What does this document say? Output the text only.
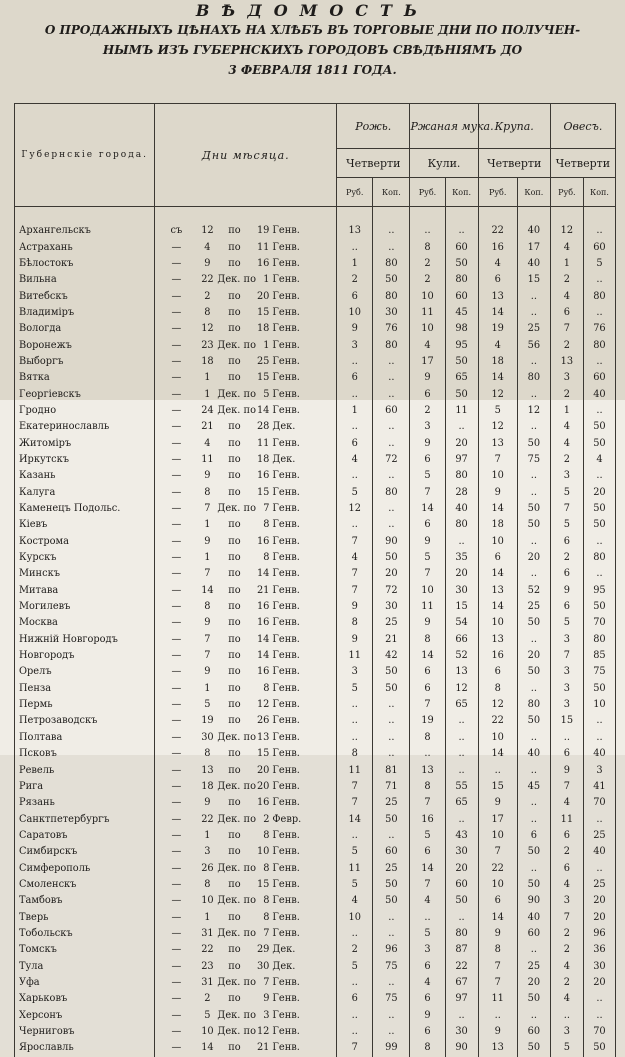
ВѢДОМОСТЬ
О ПРОДАЖНЫХЪ ЦѢНАХЪ НА ХЛѢБЪ ВЪ ТОРГОВЫЕ ДНИ ПО ПОЛУЧЕН-
НЫМЪ ИЗЪ ГУБЕРНСКИХЪ ГОРОДОВЪ СВѢДѢНІЯМЪ ДО
3 ФЕВРАЛЯ 1811 ГОДА.
Губернскіе города.	Дни мѣсяца.	Рожь.		Ржаная мука.		Крупа.		Овесъ.	
		Четверти		Кули.		Четверти		Четверти	
		Руб.	Коп.	Руб.	Коп.	Руб.	Коп.	Руб.	Коп.

Архангельскъ	съ 12 по 19 Генв.	13	..	..	..	22	40	12	..
Астрахань	— 4 по 11 Генв.	..	..	8	60	16	17	4	60
Бѣлостокъ	— 9 по 16 Генв.	1	80	2	50	4	40	1	5
Вильна	— 22 Дек. по 1 Генв.	2	50	2	80	6	15	2	..
Витебскъ	— 2 по 20 Генв.	6	80	10	60	13	..	4	80
Владиміръ	— 8 по 15 Генв.	10	30	11	45	14	..	6	..
Вологда	— 12 по 18 Генв.	9	76	10	98	19	25	7	76
Воронежъ	— 23 Дек. по 1 Генв.	3	80	4	95	4	56	2	80
Выборгъ	— 18 по 25 Генв.	..	..	17	50	18	..	13	..
Вятка	— 1 по 15 Генв.	6	..	9	65	14	80	3	60
Георгіевскъ	— 1 Дек. по 5 Генв.	..	..	6	50	12	..	2	40
Гродно	— 24 Дек. по14 Генв.	1	60	2	11	5	12	1	..
Екатеринославль	— 21 по 28 Дек.	..	..	3	..	12	..	4	50
Житоміръ	— 4 по 11 Генв.	6	..	9	20	13	50	4	50
Иркутскъ	— 11 по 18 Дек.	4	72	6	97	7	75	2	4
Казань	— 9 по 16 Генв.	..	..	5	80	10	..	3	..
Калуга	— 8 по 15 Генв.	5	80	7	28	9	..	5	20
Каменецъ Подольс.	— 7 Дек. по 7 Генв.	12	..	14	40	14	50	7	50
Кіевъ	— 1 по 8 Генв.	..	..	6	80	18	50	5	50
Кострома	— 9 по 16 Генв.	7	90	9	..	10	..	6	..
Курскъ	— 1 по 8 Генв.	4	50	5	35	6	20	2	80
Минскъ	— 7 по 14 Генв.	7	20	7	20	14	..	6	..
Митава	— 14 по 21 Генв.	7	72	10	30	13	52	9	95
Могилевъ	— 8 по 16 Генв.	9	30	11	15	14	25	6	50
Москва	— 9 по 16 Генв.	8	25	9	54	10	50	5	70
Нижній Новгородъ	— 7 по 14 Генв.	9	21	8	66	13	..	3	80
Новгородъ	— 7 по 14 Генв.	11	42	14	52	16	20	7	85
Орелъ	— 9 по 16 Генв.	3	50	6	13	6	50	3	75
Пенза	— 1 по 8 Генв.	5	50	6	12	8	..	3	50
Пермь	— 5 по 12 Генв.	..	..	7	65	12	80	3	10
Петрозаводскъ	— 19 по 26 Генв.	..	..	19	..	22	50	15	..
Полтава	— 30 Дек. по13 Генв.	..	..	8	..	10	..	..	..
Псковъ	— 8 по 15 Генв.	8	..	..	..	14	40	6	40
Ревель	— 13 по 20 Генв.	11	81	13	..	..	..	9	3
Рига	— 18 Дек. по20 Генв.	7	71	8	55	15	45	7	41
Рязань	— 9 по 16 Генв.	7	25	7	65	9	..	4	70
Санктпетербургъ	— 22 Дек. по 2 Февр.	14	50	16	..	17	..	11	..
Саратовъ	— 1 по 8 Генв.	..	..	5	43	10	6	6	25
Симбирскъ	— 3 по 10 Генв.	5	60	6	30	7	50	2	40
Симферополь	— 26 Дек. по 8 Генв.	11	25	14	20	22	..	6	..
Смоленскъ	— 8 по 15 Генв.	5	50	7	60	10	50	4	25
Тамбовъ	— 10 Дек. по 8 Генв.	4	50	4	50	6	90	3	20
Тверь	— 1 по 8 Генв.	10	..	..	..	14	40	7	20
Тобольскъ	— 31 Дек. по 7 Генв.	..	..	5	80	9	60	2	96
Томскъ	— 22 по 29 Дек.	2	96	3	87	8	..	2	36
Тула	— 23 по 30 Дек.	5	75	6	22	7	25	4	30
Уфа	— 31 Дек. по 7 Генв.	..	..	4	67	7	20	2	20
Харьковъ	— 2 по 9 Генв.	6	75	6	97	11	50	4	..
Херсонъ	— 5 Дек. по 3 Генв.	..	..	9	..	..	..	..	..
Черниговъ	— 10 Дек. по12 Генв.	..	..	6	30	9	60	3	70
Ярославль	— 14 по 21 Генв.	7	99	8	90	13	50	5	50
